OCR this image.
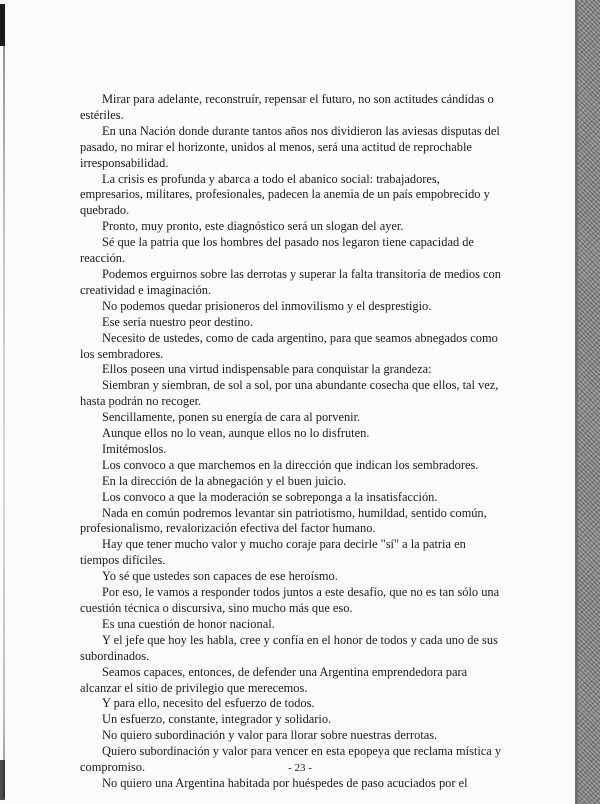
Mirar para adelante, reconstruír, repensar el futuro, no son actitudes cándidas o estériles.

En una Nación donde durante tantos años nos dividieron las aviesas disputas del pasado, no mirar el horizonte, unidos al menos, será una actitud de reprochable irresponsabilidad.

La crisis es profunda y abarca a todo el abanico social: trabajadores, empresarios, militares, profesionales, padecen la anemia de un país empobrecido y quebrado.

Pronto, muy pronto, este diagnóstico será un slogan del ayer.

Sé que la patria que los hombres del pasado nos legaron tiene capacidad de reacción.

Podemos erguirnos sobre las derrotas y superar la falta transitoria de medios con creatividad e imaginación.

No podemos quedar prisioneros del inmovilismo y el desprestigio.

Ese sería nuestro peor destino.

Necesito de ustedes, como de cada argentino, para que seamos abnegados como los sembradores.

Ellos poseen una virtud indispensable para conquistar la grandeza:

Siembran y siembran, de sol a sol, por una abundante cosecha que ellos, tal vez, hasta podrán no recoger.

Sencillamente, ponen su energía de cara al porvenir.

Aunque ellos no lo vean, aunque ellos no lo disfruten.

Imitémoslos.

Los convoco a que marchemos en la dirección que indican los sembradores.

En la dirección de la abnegación y el buen juicio.

Los convoco a que la moderación se sobreponga a la insatisfacción.

Nada en común podremos levantar sin patriotismo, humildad, sentido común, profesionalismo, revalorización efectiva del factor humano.

Hay que tener mucho valor y mucho coraje para decirle "sí" a la patria en tiempos difíciles.

Yo sé que ustedes son capaces de ese heroísmo.

Por eso, le vamos a responder todos juntos a este desafío, que no es tan sólo una cuestión técnica o discursiva, sino mucho más que eso.

Es una cuestión de honor nacional.

Y el jefe que hoy les habla, cree y confía en el honor de todos y cada uno de sus subordinados.

Seamos capaces, entonces, de defender una Argentina emprendedora para alcanzar el sitio de privilegio que merecemos.

Y para ello, necesito del esfuerzo de todos.

Un esfuerzo, constante, integrador y solidario.

No quiero subordinación y valor para llorar sobre nuestras derrotas.

Quiero subordinación y valor para vencer en esta epopeya que reclama mística y compromiso.

No quiero una Argentina habitada por huéspedes de paso acuciados por el

- 23 -
